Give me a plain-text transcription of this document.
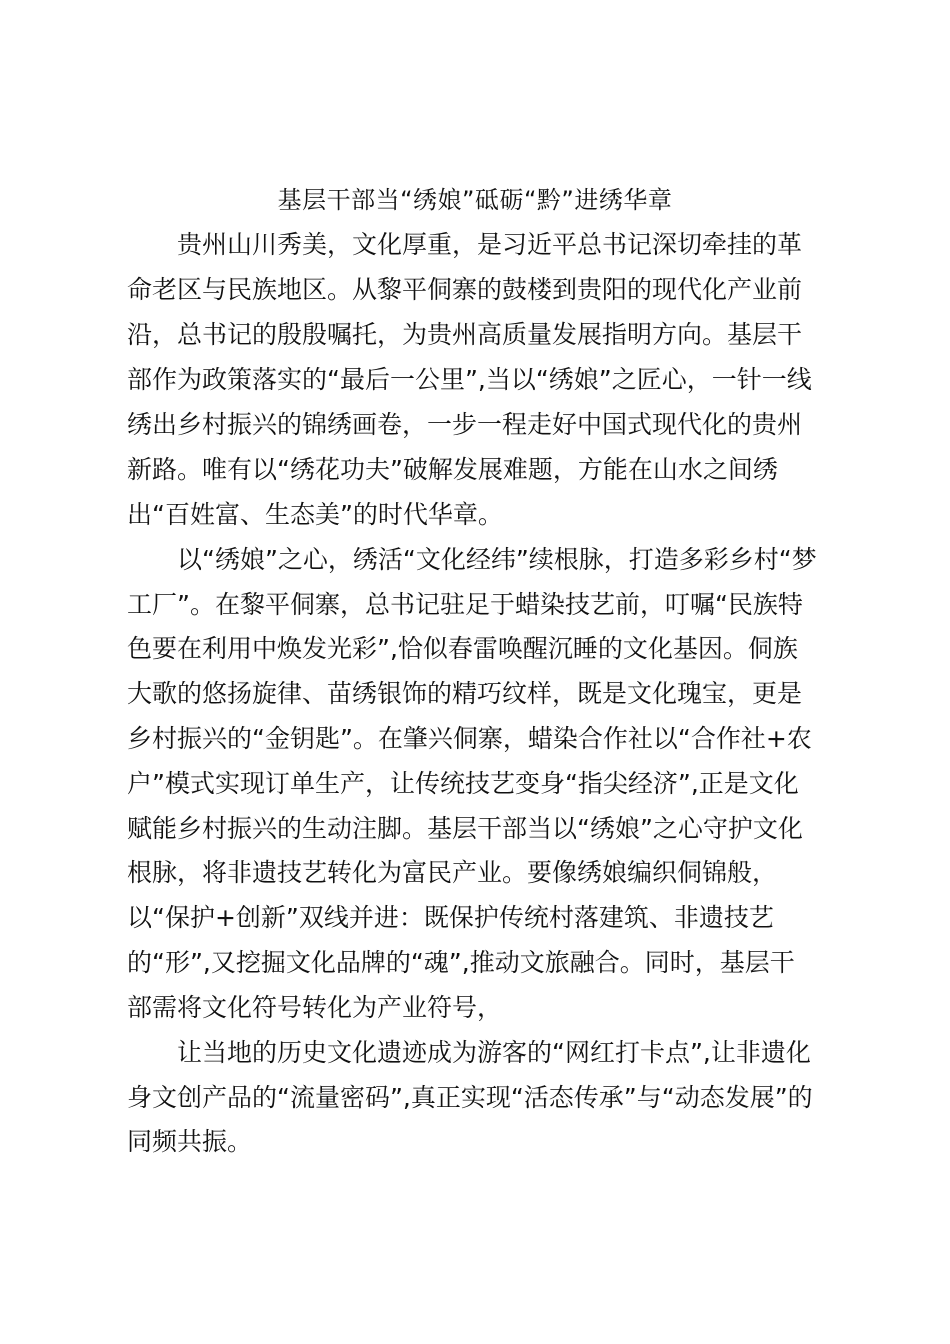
基层干部当“绣娘”砥砺“黔”进绣华章

贵州山川秀美，文化厚重，是习近平总书记深切牵挂的革

命老区与民族地区。从黎平侗寨的鼓楼到贵阳的现代化产业前

沿，总书记的殷殷嘱托，为贵州高质量发展指明方向。基层干

部作为政策落实的“最后一公里”,当以“绣娘”之匠心，一针一线

绣出乡村振兴的锦绣画卷，一步一程走好中国式现代化的贵州

新路。唯有以“绣花功夫”破解发展难题，方能在山水之间绣

出“百姓富、生态美”的时代华章。

以“绣娘”之心，绣活“文化经纬”续根脉，打造多彩乡村“梦

工厂”。在黎平侗寨，总书记驻足于蜡染技艺前，叮嘱“民族特

色要在利用中焕发光彩”,恰似春雷唤醒沉睡的文化基因。侗族

大歌的悠扬旋律、苗绣银饰的精巧纹样，既是文化瑰宝，更是

乡村振兴的“金钥匙”。在肇兴侗寨，蜡染合作社以“合作社+农

户”模式实现订单生产，让传统技艺变身“指尖经济”,正是文化

赋能乡村振兴的生动注脚。基层干部当以“绣娘”之心守护文化

根脉，将非遗技艺转化为富民产业。要像绣娘编织侗锦般，

以“保护+创新”双线并进：既保护传统村落建筑、非遗技艺

的“形”,又挖掘文化品牌的“魂”,推动文旅融合。同时，基层干

部需将文化符号转化为产业符号，

让当地的历史文化遗迹成为游客的“网红打卡点”,让非遗化

身文创产品的“流量密码”,真正实现“活态传承”与“动态发展”的

同频共振。
